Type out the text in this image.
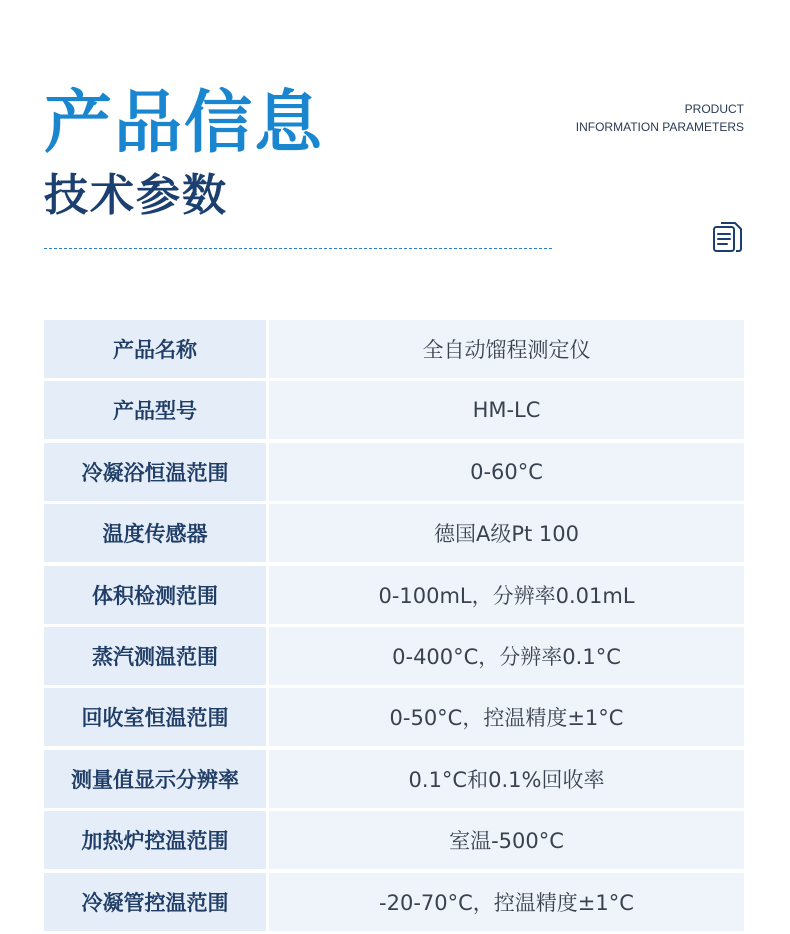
产品信息
技术参数
PRODUCT
INFORMATION PARAMETERS
产品名称	全自动馏程测定仪
产品型号	HM-LC
冷凝浴恒温范围	0-60°C
温度传感器	德国A级Pt 100
体积检测范围	0-100mL，分辨率0.01mL
蒸汽测温范围	0-400°C，分辨率0.1°C
回收室恒温范围	0-50°C，控温精度±1°C
测量值显示分辨率	0.1°C和0.1%回收率
加热炉控温范围	室温-500°C
冷凝管控温范围	-20-70°C，控温精度±1°C
